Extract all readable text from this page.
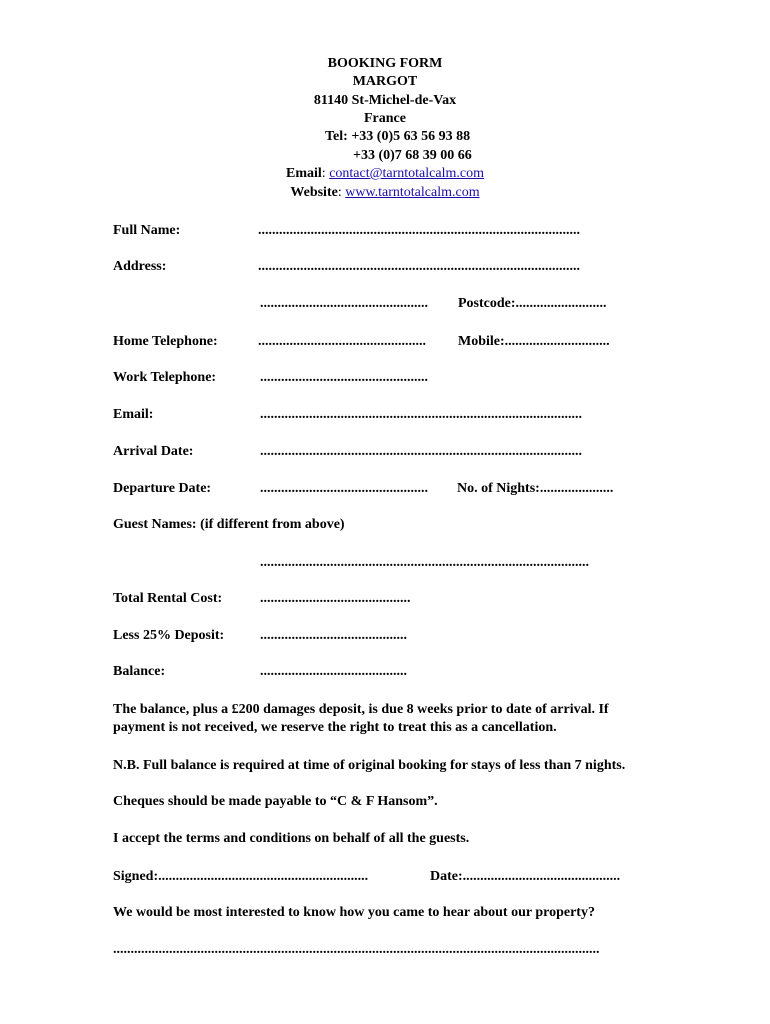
BOOKING FORM
MARGOT
81140 St-Michel-de-Vax
France
Tel: +33 (0)5 63 56 93 88
+33 (0)7 68 39 00 66
Email: contact@tarntotalcalm.com
Website: www.tarntotalcalm.com
Full Name:	............................................................................................
Address:	............................................................................................
................................................ Postcode:..........................
Home Telephone:	................................................ Mobile:..............................
Work Telephone:	................................................
Email:	............................................................................................
Arrival Date:	............................................................................................
Departure Date:	................................................ No. of Nights:.....................
Guest Names: (if different from above)
..............................................................................................
Total Rental Cost:	...........................................
Less 25% Deposit:	..........................................
Balance:	..........................................
The balance, plus a £200 damages deposit, is due 8 weeks prior to date of arrival. If
payment is not received, we reserve the right to treat this as a cancellation.
N.B. Full balance is required at time of original booking for stays of less than 7 nights.
Cheques should be made payable to “C & F Hansom”.
I accept the terms and conditions on behalf of all the guests.
Signed:............................................................	Date:.............................................
We would be most interested to know how you came to hear about our property?
...........................................................................................................................................
